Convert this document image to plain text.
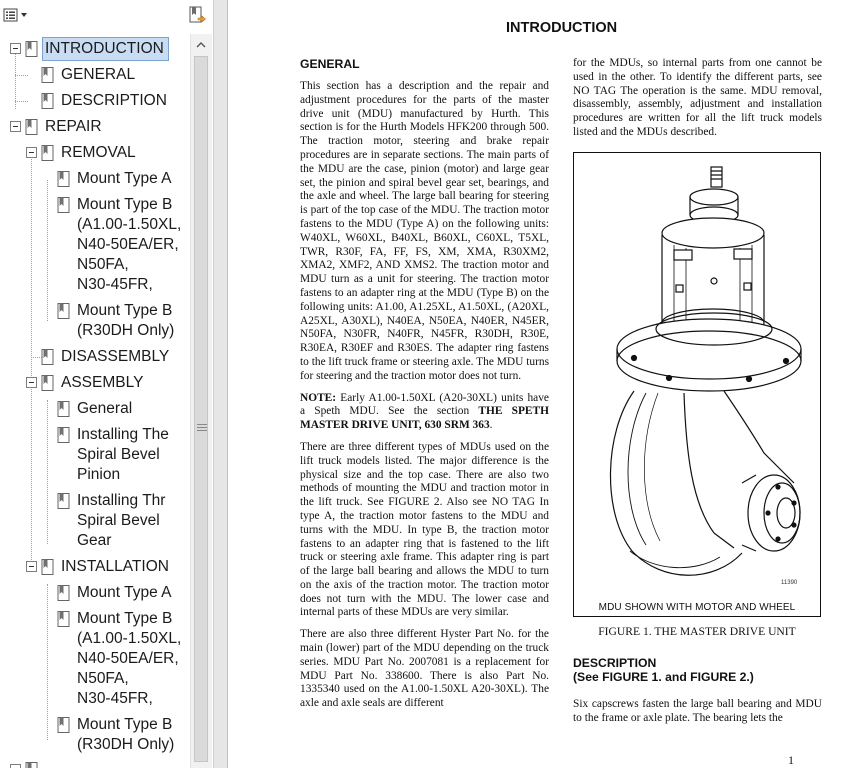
INTRODUCTION
GENERAL
DESCRIPTION
REPAIR
REMOVAL
Mount Type A
Mount Type B
(A1.00-1.50XL,
N40-50EA/ER,
N50FA,
N30-45FR,
Mount Type B
(R30DH Only)
DISASSEMBLY
ASSEMBLY
General
Installing The
Spiral Bevel
Pinion
Installing Thr
Spiral Bevel
Gear
INSTALLATION
Mount Type A
Mount Type B
(A1.00-1.50XL,
N40-50EA/ER,
N50FA,
N30-45FR,
Mount Type B
(R30DH Only)
INTRODUCTION
GENERAL

This section has a description and the repair and adjustment procedures for the parts of the master drive unit (MDU) manufactured by Hurth. This section is for the Hurth Models HFK200 through 500. The traction motor, steering and brake repair procedures are in separate sections. The main parts of the MDU are the case, pinion (motor) and large gear set, the pinion and spiral bevel gear set, bearings, and the axle and wheel. The large ball bearing for steering is part of the top case of the MDU. The traction motor fastens to the MDU (Type A) on the following units: W40XL, W60XL, B40XL, B60XL, C60XL, T5XL, TWR, R30F, FA, FF, FS, XM, XMA, R30XM2, XMA2, XMF2, AND XMS2. The traction motor and MDU turn as a unit for steering. The traction motor fastens to an adapter ring at the MDU (Type B) on the following units: A1.00, A1.25XL, A1.50XL, (A20XL, A25XL, A30XL), N40EA, N50EA, N40ER, N45ER, N50FA, N30FR, N40FR, N45FR, R30DH, R30E, R30EA, R30EF and R30ES. The adapter ring fastens to the lift truck frame or steering axle. The MDU turns for steering and the traction motor does not turn.

NOTE: Early A1.00-1.50XL (A20-30XL) units have a Speth MDU. See the section THE SPETH MASTER DRIVE UNIT, 630 SRM 363.

There are three different types of MDUs used on the lift truck models listed. The major difference is the physical size and the top case. There are also two methods of mounting the MDU and traction motor in the lift truck. See FIGURE 2. Also see NO TAG In type A, the traction motor fastens to the MDU and turns with the MDU. In type B, the traction motor fastens to an adapter ring that is fastened to the lift truck or steering axle frame. This adapter ring is part of the large ball bearing and allows the MDU to turn on the axis of the traction motor. The traction motor does not turn with the MDU. The lower case and internal parts of these MDUs are very similar.

There are also three different Hyster Part No. for the main (lower) part of the MDU depending on the truck series. MDU Part No. 2007081 is a replacement for MDU Part No. 338600. There is also Part No. 1335340 used on the A1.00-1.50XL A20-30XL). The axle and axle seals are different

for the MDUs, so internal parts from one cannot be used in the other. To identify the different parts, see NO TAG The operation is the same. MDU removal, disassembly, assembly, adjustment and installation procedures are written for all the lift truck models listed and the MDUs described.

11390
MDU SHOWN WITH MOTOR AND WHEEL
FIGURE 1. THE MASTER DRIVE UNIT
DESCRIPTION
(See FIGURE 1. and FIGURE 2.)

Six capscrews fasten the large ball bearing and MDU to the frame or axle plate. The bearing lets the

1
